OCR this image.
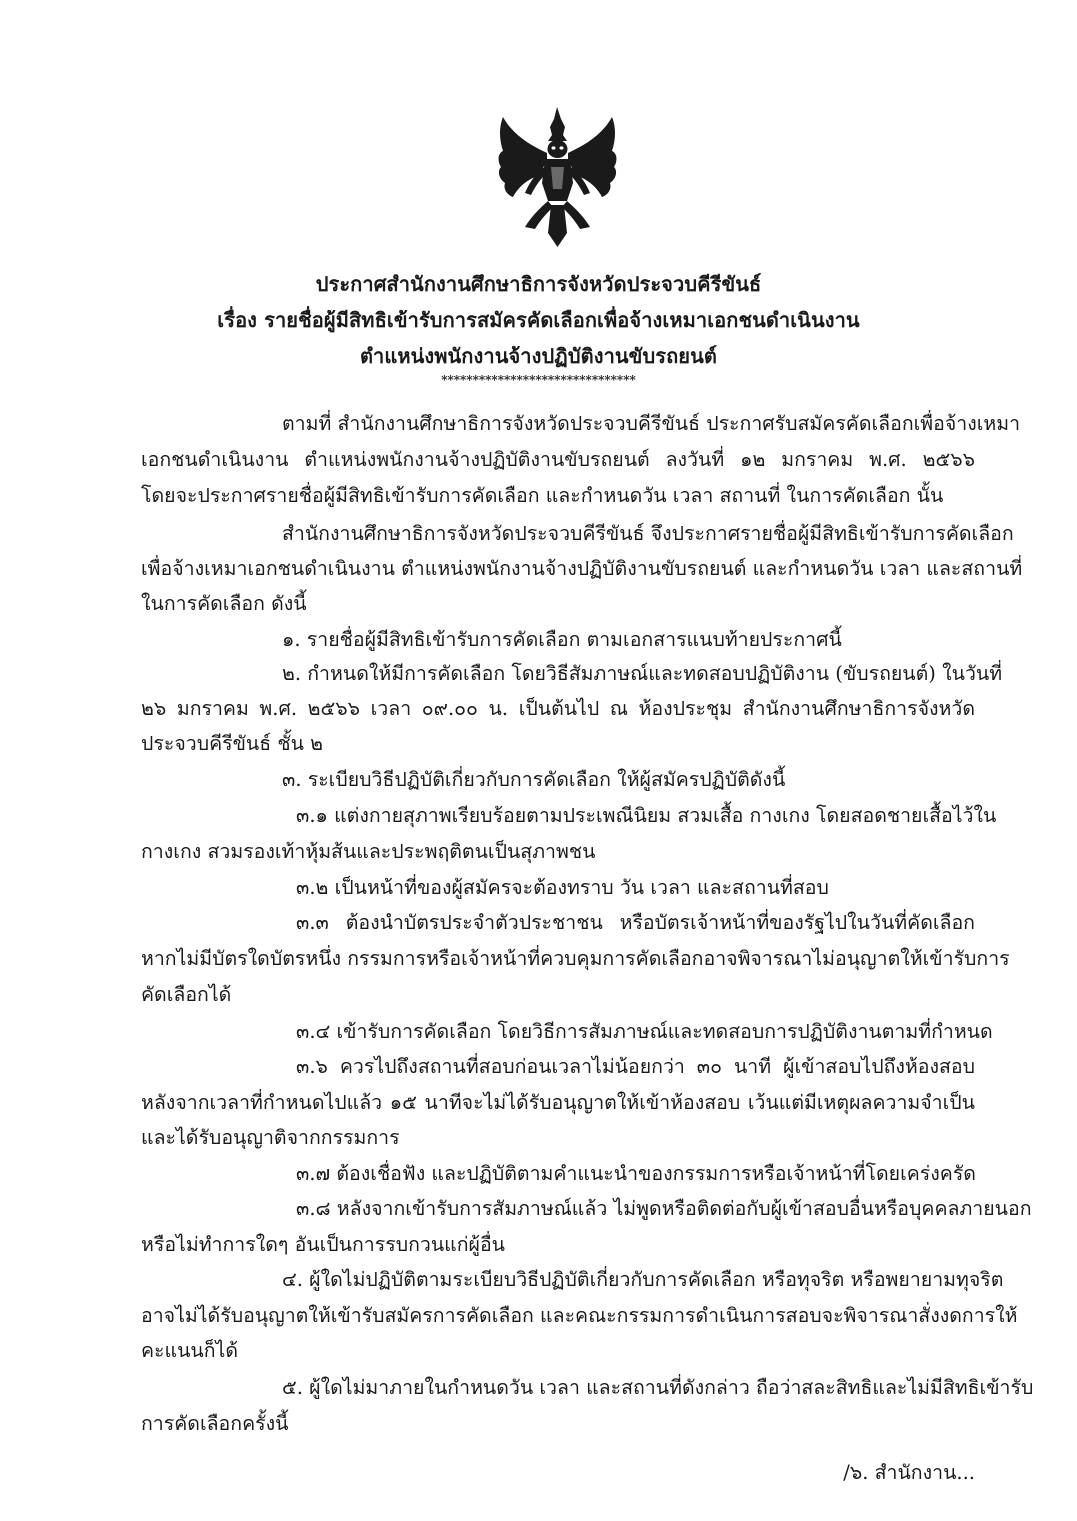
ประกาศสำนักงานศึกษาธิการจังหวัดประจวบคีรีขันธ์
เรื่อง รายชื่อผู้มีสิทธิเข้ารับการสมัครคัดเลือกเพื่อจ้างเหมาเอกชนดำเนินงาน
ตำแหน่งพนักงานจ้างปฏิบัติงานขับรถยนต์
*******************************
ตามที่ สำนักงานศึกษาธิการจังหวัดประจวบคีรีขันธ์ ประกาศรับสมัครคัดเลือกเพื่อจ้างเหมา
เอกชนดำเนินงาน ตำแหน่งพนักงานจ้างปฏิบัติงานขับรถยนต์ ลงวันที่ ๑๒ มกราคม พ.ศ. ๒๕๖๖
โดยจะประกาศรายชื่อผู้มีสิทธิเข้ารับการคัดเลือก และกำหนดวัน เวลา สถานที่ ในการคัดเลือก นั้น
สำนักงานศึกษาธิการจังหวัดประจวบคีรีขันธ์ จึงประกาศรายชื่อผู้มีสิทธิเข้ารับการคัดเลือก
เพื่อจ้างเหมาเอกชนดำเนินงาน ตำแหน่งพนักงานจ้างปฏิบัติงานขับรถยนต์ และกำหนดวัน เวลา และสถานที่
ในการคัดเลือก ดังนี้
๑. รายชื่อผู้มีสิทธิเข้ารับการคัดเลือก ตามเอกสารแนบท้ายประกาศนี้
๒. กำหนดให้มีการคัดเลือก โดยวิธีสัมภาษณ์และทดสอบปฏิบัติงาน (ขับรถยนต์) ในวันที่
๒๖ มกราคม พ.ศ. ๒๕๖๖ เวลา ๐๙.๐๐ น. เป็นต้นไป ณ ห้องประชุม สำนักงานศึกษาธิการจังหวัด
ประจวบคีรีขันธ์ ชั้น ๒
๓. ระเบียบวิธีปฏิบัติเกี่ยวกับการคัดเลือก ให้ผู้สมัครปฏิบัติดังนี้
๓.๑ แต่งกายสุภาพเรียบร้อยตามประเพณีนิยม สวมเสื้อ กางเกง โดยสอดชายเสื้อไว้ใน
กางเกง สวมรองเท้าหุ้มส้นและประพฤติตนเป็นสุภาพชน
๓.๒ เป็นหน้าที่ของผู้สมัครจะต้องทราบ วัน เวลา และสถานที่สอบ
๓.๓ ต้องนำบัตรประจำตัวประชาชน หรือบัตรเจ้าหน้าที่ของรัฐไปในวันที่คัดเลือก
หากไม่มีบัตรใดบัตรหนึ่ง กรรมการหรือเจ้าหน้าที่ควบคุมการคัดเลือกอาจพิจารณาไม่อนุญาตให้เข้ารับการ
คัดเลือกได้
๓.๔ เข้ารับการคัดเลือก โดยวิธีการสัมภาษณ์และทดสอบการปฏิบัติงานตามที่กำหนด
๓.๖ ควรไปถึงสถานที่สอบก่อนเวลาไม่น้อยกว่า ๓๐ นาที ผู้เข้าสอบไปถึงห้องสอบ
หลังจากเวลาที่กำหนดไปแล้ว ๑๕ นาทีจะไม่ได้รับอนุญาตให้เข้าห้องสอบ เว้นแต่มีเหตุผลความจำเป็น
และได้รับอนุญาติจากกรรมการ
๓.๗ ต้องเชื่อฟัง และปฏิบัติตามคำแนะนำของกรรมการหรือเจ้าหน้าที่โดยเคร่งครัด
๓.๘ หลังจากเข้ารับการสัมภาษณ์แล้ว ไม่พูดหรือติดต่อกับผู้เข้าสอบอื่นหรือบุคคลภายนอก
หรือไม่ทำการใดๆ อันเป็นการรบกวนแก่ผู้อื่น
๔. ผู้ใดไม่ปฏิบัติตามระเบียบวิธีปฏิบัติเกี่ยวกับการคัดเลือก หรือทุจริต หรือพยายามทุจริต
อาจไม่ได้รับอนุญาตให้เข้ารับสมัครการคัดเลือก และคณะกรรมการดำเนินการสอบจะพิจารณาสั่งงดการให้
คะแนนก็ได้
๕. ผู้ใดไม่มาภายในกำหนดวัน เวลา และสถานที่ดังกล่าว ถือว่าสละสิทธิและไม่มีสิทธิเข้ารับ
การคัดเลือกครั้งนี้
/๖. สำนักงาน...
